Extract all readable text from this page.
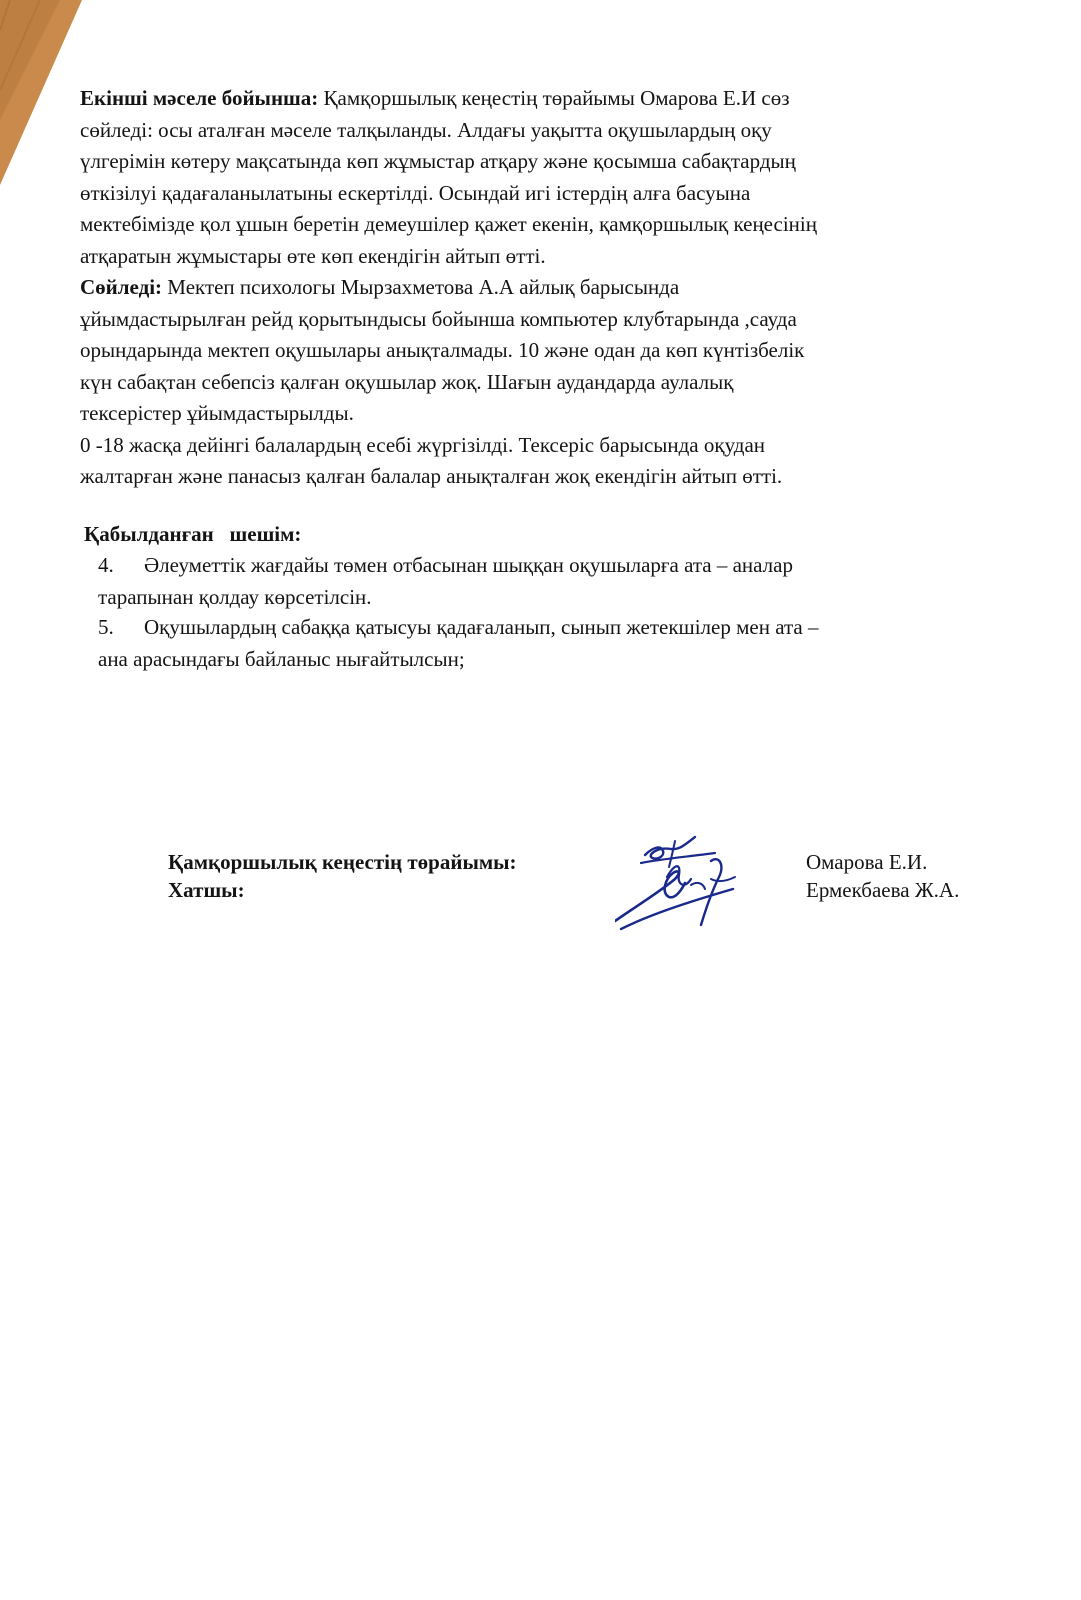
Екінші мәселе бойынша: Қамқоршылық кеңестің төрайымы Омарова Е.И сөз
сөйледі: осы аталған мәселе талқыланды. Алдағы уақытта оқушылардың оқу
үлгерімін көтеру мақсатында көп жұмыстар атқару және қосымша сабақтардың
өткізілуі қадағаланылатыны ескертілді. Осындай игі істердің алға басуына
мектебімізде қол ұшын беретін демеушілер қажет екенін, қамқоршылық кеңесінің
атқаратын жұмыстары өте көп екендігін айтып өтті.
Сөйледі: Мектеп психологы Мырзахметова А.А айлық барысында
ұйымдастырылған рейд қорытындысы бойынша компьютер клубтарында ,сауда
орындарында мектеп оқушылары анықталмады. 10 және одан да көп күнтізбелік
күн сабақтан себепсіз қалған оқушылар жоқ. Шағын аудандарда аулалық
тексерістер ұйымдастырылды.
0 -18 жасқа дейінгі балалардың есебі жүргізілді. Тексеріс барысында оқудан
жалтарған және панасыз қалған балалар анықталған жоқ екендігін айтып өтті.
Қабылданған   шешім:
4.	Әлеуметтік жағдайы төмен отбасынан шыққан оқушыларға ата – аналар
тарапынан қолдау көрсетілсін.
5.	Оқушылардың сабаққа қатысуы қадағаланып, сынып жетекшілер мен ата –
ана арасындағы байланыс нығайтылсын;
Қамқоршылық кеңестің төрайымы:
Хатшы:
Омарова Е.И.
Ермекбаева Ж.А.
